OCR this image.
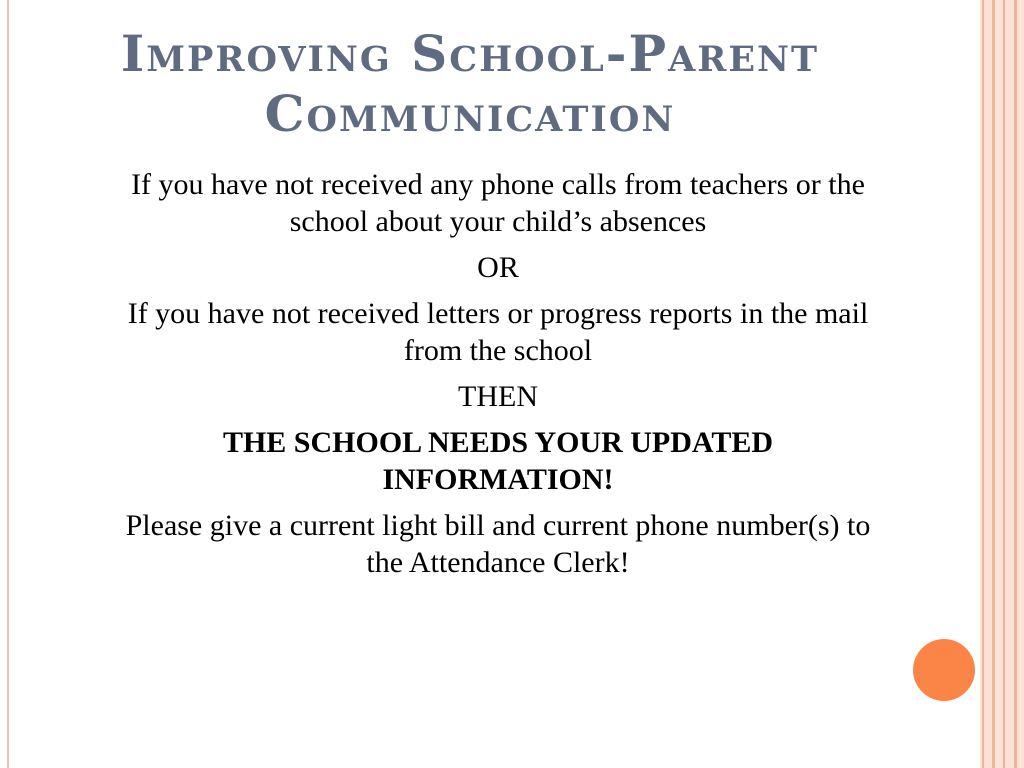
Improving School-Parent
Communication

If you have not received any phone calls from teachers or the school about your child’s absences

OR

If you have not received letters or progress reports in the mail from the school

THEN

THE SCHOOL NEEDS YOUR UPDATED INFORMATION!

Please give a current light bill and current phone number(s) to the Attendance Clerk!
